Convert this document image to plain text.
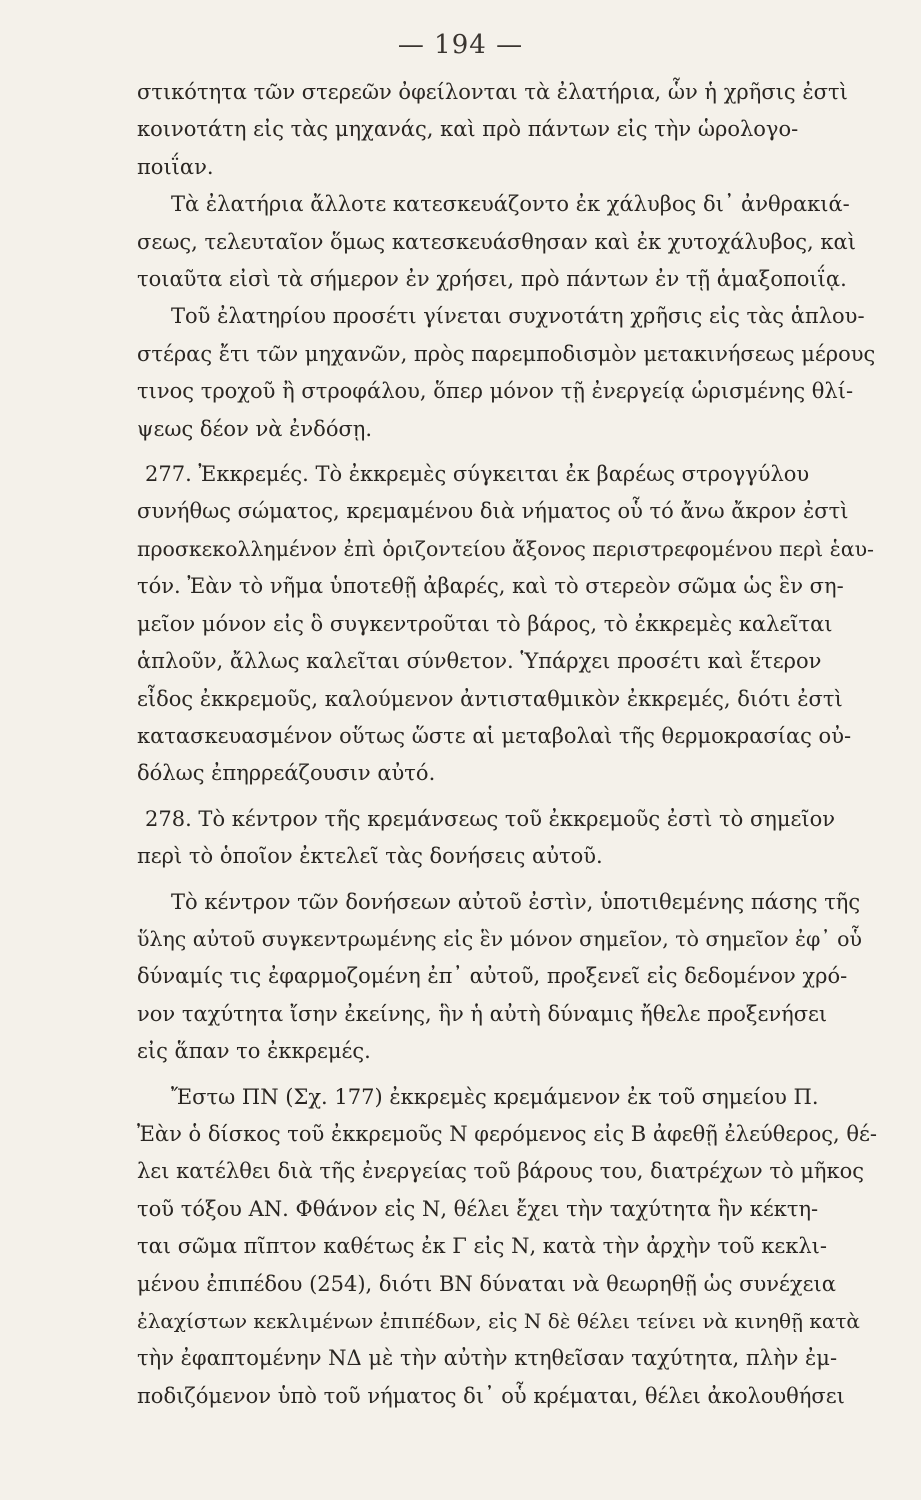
— 194 —
στικότητα τῶν στερεῶν ὀφείλονται τὰ ἐλατήρια, ὧν ἡ χρῆσις ἐστὶ
κοινοτάτη εἰς τὰς μηχανάς, καὶ πρὸ πάντων εἰς τὴν ὡρολογο-
ποιΐαν.
Τὰ ἐλατήρια ἄλλοτε κατεσκευάζοντο ἐκ χάλυβος δι᾽ ἀνθρακιά-
σεως, τελευταῖον ὅμως κατεσκευάσθησαν καὶ ἐκ χυτοχάλυβος, καὶ
τοιαῦτα εἰσὶ τὰ σήμερον ἐν χρήσει, πρὸ πάντων ἐν τῇ ἁμαξοποιΐᾳ.
Τοῦ ἐλατηρίου προσέτι γίνεται συχνοτάτη χρῆσις εἰς τὰς ἁπλου-
στέρας ἔτι τῶν μηχανῶν, πρὸς παρεμποδισμὸν μετακινήσεως μέρους
τινος τροχοῦ ἢ στροφάλου, ὅπερ μόνον τῇ ἐνεργείᾳ ὡρισμένης θλί-
ψεως δέον νὰ ἐνδόσῃ.
277. Ἐκκρεμές. Τὸ ἐκκρεμὲς σύγκειται ἐκ βαρέως στρογγύλου
συνήθως σώματος, κρεμαμένου διὰ νήματος οὗ τό ἄνω ἄκρον ἐστὶ
προσκεκολλημένον ἐπὶ ὁριζοντείου ἄξονος περιστρεφομένου περὶ ἑαυ-
τόν. Ἐὰν τὸ νῆμα ὑποτεθῇ ἀβαρές, καὶ τὸ στερεὸν σῶμα ὡς ἓν ση-
μεῖον μόνον εἰς ὃ συγκεντροῦται τὸ βάρος, τὸ ἐκκρεμὲς καλεῖται
ἁπλοῦν, ἄλλως καλεῖται σύνθετον. Ὑπάρχει προσέτι καὶ ἕτερον
εἶδος ἐκκρεμοῦς, καλούμενον ἀντισταθμικὸν ἐκκρεμές, διότι ἐστὶ
κατασκευασμένον οὕτως ὥστε αἱ μεταβολαὶ τῆς θερμοκρασίας οὐ-
δόλως ἐπηρρεάζουσιν αὐτό.
278. Τὸ κέντρον τῆς κρεμάνσεως τοῦ ἐκκρεμοῦς ἐστὶ τὸ σημεῖον
περὶ τὸ ὁποῖον ἐκτελεῖ τὰς δονήσεις αὐτοῦ.
Τὸ κέντρον τῶν δονήσεων αὐτοῦ ἐστὶν, ὑποτιθεμένης πάσης τῆς
ὕλης αὐτοῦ συγκεντρωμένης εἰς ἓν μόνον σημεῖον, τὸ σημεῖον ἐφ᾽ οὗ
δύναμίς τις ἐφαρμοζομένη ἐπ᾽ αὐτοῦ, προξενεῖ εἰς δεδομένον χρό-
νον ταχύτητα ἴσην ἐκείνης, ἣν ἡ αὐτὴ δύναμις ἤθελε προξενήσει
εἰς ἅπαν το ἐκκρεμές.
Ἔστω ΠΝ (Σχ. 177) ἐκκρεμὲς κρεμάμενον ἐκ τοῦ σημείου Π.
Ἐὰν ὁ δίσκος τοῦ ἐκκρεμοῦς Ν φερόμενος εἰς Β ἀφεθῇ ἐλεύθερος, θέ-
λει κατέλθει διὰ τῆς ἐνεργείας τοῦ βάρους του, διατρέχων τὸ μῆκος
τοῦ τόξου ΑΝ. Φθάνον εἰς Ν, θέλει ἔχει τὴν ταχύτητα ἣν κέκτη-
ται σῶμα πῖπτον καθέτως ἐκ Γ εἰς Ν, κατὰ τὴν ἀρχὴν τοῦ κεκλι-
μένου ἐπιπέδου (254), διότι ΒΝ δύναται νὰ θεωρηθῇ ὡς συνέχεια
ἐλαχίστων κεκλιμένων ἐπιπέδων, εἰς Ν δὲ θέλει τείνει νὰ κινηθῇ κατὰ
τὴν ἐφαπτομένην ΝΔ μὲ τὴν αὐτὴν κτηθεῖσαν ταχύτητα, πλὴν ἐμ-
ποδιζόμενον ὑπὸ τοῦ νήματος δι᾽ οὗ κρέμαται, θέλει ἀκολουθήσει
